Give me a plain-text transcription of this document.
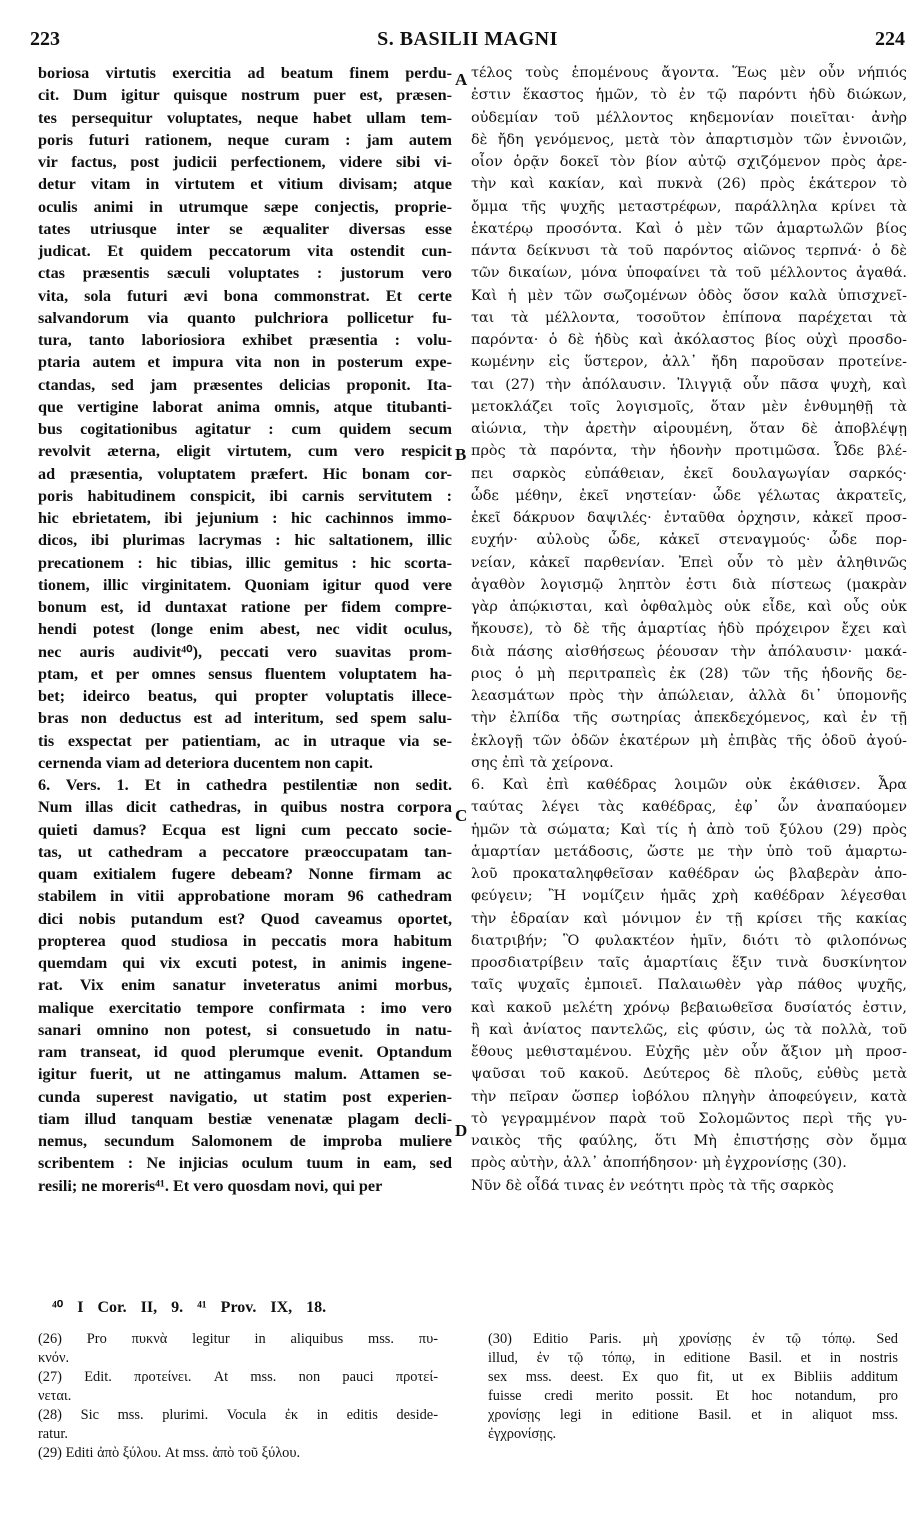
223	S. BASILII MAGNI	224
boriosa virtutis exercitia ad beatum finem perdu-
cit. Dum igitur quisque nostrum puer est, præsen-
tes persequitur voluptates, neque habet ullam tem-
poris futuri rationem, neque curam : jam autem
vir factus, post judicii perfectionem, videre sibi vi-
detur vitam in virtutem et vitium divisam; atque
oculis animi in utrumque sæpe conjectis, proprie-
tates utriusque inter se æqualiter diversas esse
judicat. Et quidem peccatorum vita ostendit cun-
ctas præsentis sæculi voluptates : justorum vero
vita, sola futuri ævi bona commonstrat. Et certe
salvandorum via quanto pulchriora pollicetur fu-
tura, tanto laboriosiora exhibet præsentia : volu-
ptaria autem et impura vita non in posterum expe-
ctandas, sed jam præsentes delicias proponit. Ita-
que vertigine laborat anima omnis, atque titubanti-
bus cogitationibus agitatur : cum quidem secum
revolvit æterna, eligit virtutem, cum vero respicit
ad præsentia, voluptatem præfert. Hic bonam cor-
poris habitudinem conspicit, ibi carnis servitutem :
hic ebrietatem, ibi jejunium : hic cachinnos immo-
dicos, ibi plurimas lacrymas : hic saltationem, illic
precationem : hic tibias, illic gemitus : hic scorta-
tionem, illic virginitatem. Quoniam igitur quod vere
bonum est, id duntaxat ratione per fidem compre-
hendi potest (longe enim abest, nec vidit oculus,
nec auris audivit⁴⁰), peccati vero suavitas prom-
ptam, et per omnes sensus fluentem voluptatem ha-
bet; ideirco beatus, qui propter voluptatis illece-
bras non deductus est ad interitum, sed spem salu-
tis exspectat per patientiam, ac in utraque via se-
cernenda viam ad deteriora ducentem non capit.
6. Vers. 1. Et in cathedra pestilentiæ non sedit.
Num illas dicit cathedras, in quibus nostra corpora
quieti damus? Ecqua est ligni cum peccato socie-
tas, ut cathedram a peccatore præoccupatam tan-
quam exitialem fugere debeam? Nonne firmam ac
stabilem in vitii approbatione moram 96 cathedram
dici nobis putandum est? Quod caveamus oportet,
propterea quod studiosa in peccatis mora habitum
quemdam qui vix excuti potest, in animis ingene-
rat. Vix enim sanatur inveteratus animi morbus,
malique exercitatio tempore confirmata : imo vero
sanari omnino non potest, si consuetudo in natu-
ram transeat, id quod plerumque evenit. Optandum
igitur fuerit, ut ne attingamus malum. Attamen se-
cunda superest navigatio, ut statim post experien-
tiam illud tanquam bestiæ venenatæ plagam decli-
nemus, secundum Salomonem de improba muliere
scribentem : Ne injicias oculum tuum in eam, sed
resili; ne moreris⁴¹. Et vero quosdam novi, qui per
τέλος τοὺς ἑπομένους ἄγοντα. Ἕως μὲν οὖν νήπιός
ἐστιν ἕκαστος ἡμῶν, τὸ ἐν τῷ παρόντι ἡδὺ διώκων,
οὐδεμίαν τοῦ μέλλοντος κηδεμονίαν ποιεῖται· ἀνὴρ
δὲ ἤδη γενόμενος, μετὰ τὸν ἀπαρτισμὸν τῶν ἐννοιῶν,
οἷον ὁρᾷν δοκεῖ τὸν βίον αὐτῷ σχιζόμενον πρὸς ἀρε-
τὴν καὶ κακίαν, καὶ πυκνὰ (26) πρὸς ἑκάτερον τὸ
ὄμμα τῆς ψυχῆς μεταστρέφων, παράλληλα κρίνει τὰ
ἑκατέρῳ προσόντα. Καὶ ὁ μὲν τῶν ἁμαρτωλῶν βίος
πάντα δείκνυσι τὰ τοῦ παρόντος αἰῶνος τερπνά· ὁ δὲ
τῶν δικαίων, μόνα ὑποφαίνει τὰ τοῦ μέλλοντος ἀγαθά.
Καὶ ἡ μὲν τῶν σωζομένων ὁδὸς ὅσον καλὰ ὑπισχνεῖ-
ται τὰ μέλλοντα, τοσοῦτον ἐπίπονα παρέχεται τὰ
παρόντα· ὁ δὲ ἡδὺς καὶ ἀκόλαστος βίος οὐχὶ προσδο-
κωμένην εἰς ὕστερον, ἀλλ᾽ ἤδη παροῦσαν προτείνε-
ται (27) τὴν ἀπόλαυσιν. Ἰλιγγιᾷ οὖν πᾶσα ψυχὴ, καὶ
μετοκλάζει τοῖς λογισμοῖς, ὅταν μὲν ἐνθυμηθῇ τὰ
αἰώνια, τὴν ἀρετὴν αἱρουμένη, ὅταν δὲ ἀποβλέψῃ
πρὸς τὰ παρόντα, τὴν ἡδονὴν προτιμῶσα. Ὧδε βλέ-
πει σαρκὸς εὐπάθειαν, ἐκεῖ δουλαγωγίαν σαρκός·
ὧδε μέθην, ἐκεῖ νηστείαν· ὧδε γέλωτας ἀκρατεῖς,
ἐκεῖ δάκρυον δαψιλές· ἐνταῦθα ὀρχησιν, κἀκεῖ προσ-
ευχήν· αὐλοὺς ὧδε, κἀκεῖ στεναγμούς· ὧδε πορ-
νείαν, κἀκεῖ παρθενίαν. Ἐπεὶ οὖν τὸ μὲν ἀληθινῶς
ἀγαθὸν λογισμῷ ληπτὸν ἐστι διὰ πίστεως (μακρὰν
γὰρ ἀπῴκισται, καὶ ὀφθαλμὸς οὐκ εἶδε, καὶ οὖς οὐκ
ἤκουσε), τὸ δὲ τῆς ἁμαρτίας ἡδὺ πρόχειρον ἔχει καὶ
διὰ πάσης αἰσθήσεως ῥέουσαν τὴν ἀπόλαυσιν· μακά-
ριος ὁ μὴ περιτραπεὶς ἐκ (28) τῶν τῆς ἡδονῆς δε-
λεασμάτων πρὸς τὴν ἀπώλειαν, ἀλλὰ δι᾽ ὑπομονῆς
τὴν ἐλπίδα τῆς σωτηρίας ἀπεκδεχόμενος, καὶ ἐν τῇ
ἐκλογῇ τῶν ὁδῶν ἑκατέρων μὴ ἐπιβὰς τῆς ὁδοῦ ἀγού-
σης ἐπὶ τὰ χείρονα.
6. Καὶ ἐπὶ καθέδρας λοιμῶν οὐκ ἐκάθισεν. Ἆρα
ταύτας λέγει τὰς καθέδρας, ἐφ᾽ ὧν ἀναπαύομεν
ἡμῶν τὰ σώματα; Καὶ τίς ἡ ἀπὸ τοῦ ξύλου (29) πρὸς
ἁμαρτίαν μετάδοσις, ὥστε με τὴν ὑπὸ τοῦ ἁμαρτω-
λοῦ προκαταληφθεῖσαν καθέδραν ὡς βλαβερὰν ἀπο-
φεύγειν; Ἢ νομίζειν ἡμᾶς χρὴ καθέδραν λέγεσθαι
τὴν ἑδραίαν καὶ μόνιμον ἐν τῇ κρίσει τῆς κακίας
διατριβήν; Ὃ φυλακτέον ἡμῖν, διότι τὸ φιλοπόνως
προσδιατρίβειν ταῖς ἁμαρτίαις ἕξιν τινὰ δυσκίνητον
ταῖς ψυχαῖς ἐμποιεῖ. Παλαιωθὲν γὰρ πάθος ψυχῆς,
καὶ κακοῦ μελέτη χρόνῳ βεβαιωθεῖσα δυσίατός ἐστιν,
ἢ καὶ ἀνίατος παντελῶς, εἰς φύσιν, ὡς τὰ πολλὰ, τοῦ
ἔθους μεθισταμένου. Εὐχῆς μὲν οὖν ἄξιον μὴ προσ-
ψαῦσαι τοῦ κακοῦ. Δεύτερος δὲ πλοῦς, εὐθὺς μετὰ
τὴν πεῖραν ὥσπερ ἰοβόλου πληγὴν ἀποφεύγειν, κατὰ
τὸ γεγραμμένον παρὰ τοῦ Σολομῶντος περὶ τῆς γυ-
ναικὸς τῆς φαύλης, ὅτι Μὴ ἐπιστήσῃς σὸν ὄμμα
πρὸς αὐτὴν, ἀλλ᾽ ἀποπήδησον· μὴ ἐγχρονίσῃς (30).
Νῦν δὲ οἶδά τινας ἐν νεότητι πρὸς τὰ τῆς σαρκὸς
A
B
C
D
⁴⁰ I Cor. II, 9. ⁴¹ Prov. IX, 18.
(26) Pro πυκνὰ legitur in aliquibus mss. πυ-
κνόν.
(27) Edit. προτείνει. At mss. non pauci προτεί-
νεται.
(28) Sic mss. plurimi. Vocula ἐκ in editis deside-
ratur.
(29) Editi ἀπὸ ξύλου. At mss. ἀπὸ τοῦ ξύλου.
(30) Editio Paris. μὴ χρονίσῃς ἐν τῷ τόπῳ. Sed
illud, ἐν τῷ τόπῳ, in editione Basil. et in nostris
sex mss. deest. Ex quo fit, ut ex Bibliis additum
fuisse credi merito possit. Et hoc notandum, pro
χρονίσῃς legi in editione Basil. et in aliquot mss.
ἐγχρονίσῃς.
